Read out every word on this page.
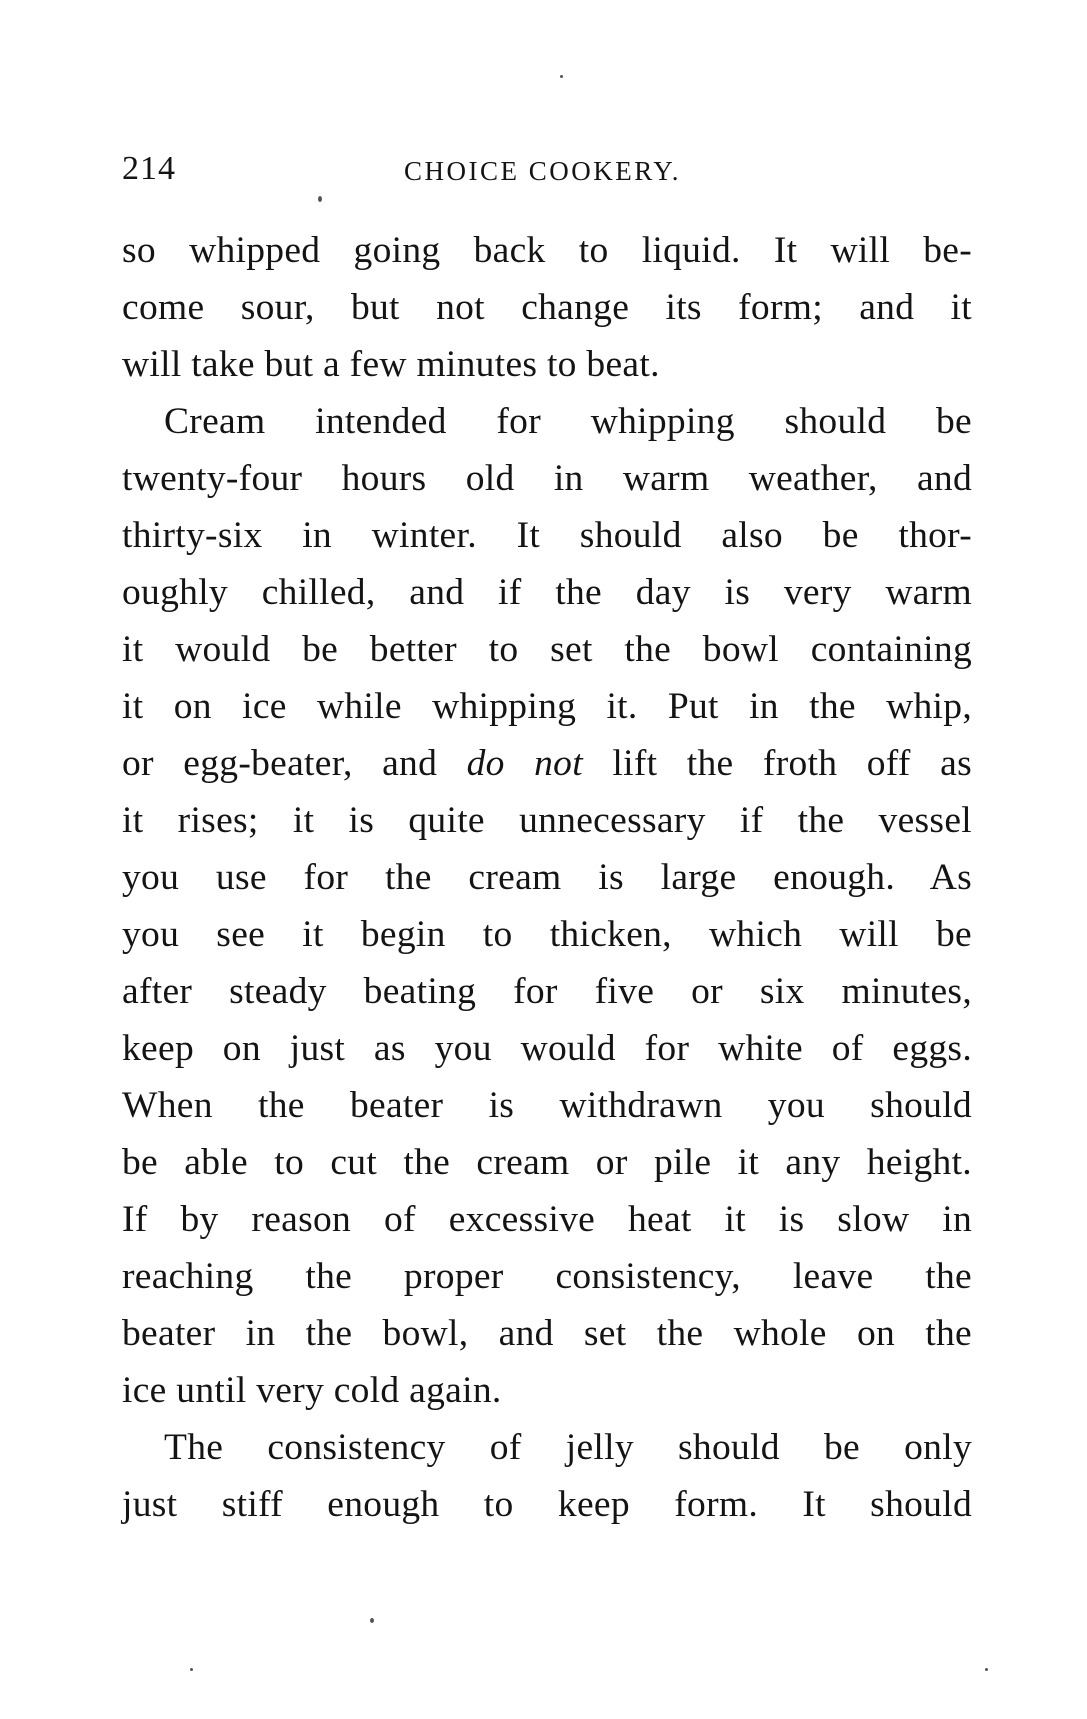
214	CHOICE COOKERY.
so whipped going back to liquid. It will be-
come sour, but not change its form; and it
will take but a few minutes to beat.
Cream intended for whipping should be
twenty-four hours old in warm weather, and
thirty-six in winter. It should also be thor-
oughly chilled, and if the day is very warm
it would be better to set the bowl containing
it on ice while whipping it. Put in the whip,
or egg-beater, and do not lift the froth off as
it rises; it is quite unnecessary if the vessel
you use for the cream is large enough. As
you see it begin to thicken, which will be
after steady beating for five or six minutes,
keep on just as you would for white of eggs.
When the beater is withdrawn you should
be able to cut the cream or pile it any height.
If by reason of excessive heat it is slow in
reaching the proper consistency, leave the
beater in the bowl, and set the whole on the
ice until very cold again.
The consistency of jelly should be only
just stiff enough to keep form. It should
